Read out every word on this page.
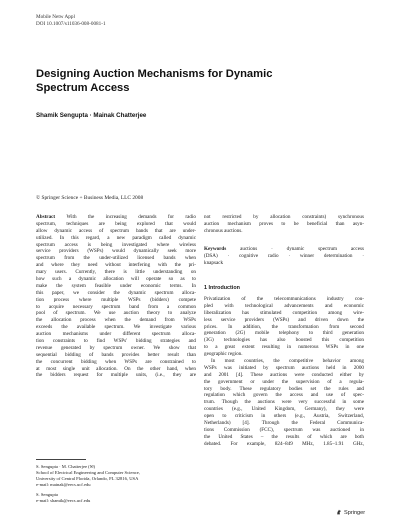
Mobile Netw Appl
DOI 10.1007/s11036-008-0081-1
Designing Auction Mechanisms for Dynamic
Spectrum Access
Shamik Sengupta · Mainak Chatterjee
© Springer Science + Business Media, LLC 2008
Abstract With the increasing demands for radio
spectrum, techniques are being explored that would
allow dynamic access of spectrum bands that are under-
utilized. In this regard, a new paradigm called dynamic
spectrum access is being investigated where wireless
service providers (WSPs) would dynamically seek more
spectrum from the under-utilized licensed bands when
and where they need without interfering with the pri-
mary users. Currently, there is little understanding on
how such a dynamic allocation will operate so as to
make the system feasible under economic terms. In
this paper, we consider the dynamic spectrum alloca-
tion process where multiple WSPs (bidders) compete
to acquire necessary spectrum band from a common
pool of spectrum. We use auction theory to analyze
the allocation process when the demand from WSPs
exceeds the available spectrum. We investigate various
auction mechanisms under different spectrum alloca-
tion constraints to find WSPs' bidding strategies and
revenue generated by spectrum owner. We show that
sequential bidding of bands provides better result than
the concurrent bidding when WSPs are constrained to
at most single unit allocation. On the other hand, when
the bidders request for multiple units, (i.e., they are
not restricted by allocation constraints) synchronous
auction mechanism proves to be beneficial than asyn-
chronous auctions.
Keywords auctions · dynamic spectrum access
(DSA) · cognitive radio · winner determination ·
knapsack
1 Introduction
Privatization of the telecommunications industry cou-
pled with technological advancements and economic
liberalization has stimulated competition among wire-
less service providers (WSPs) and driven down the
prices. In addition, the transformation from second
generation (2G) mobile telephony to third generation
(3G) technologies has also boosted this competition
to a great extent resulting in numerous WSPs in one
geographic region.
In most countries, the competitive behavior among
WSPs was initiated by spectrum auctions held in 2000
and 2001 [4]. These auctions were conducted either by
the government or under the supervision of a regula-
tory body. These regulatory bodies set the rules and
regulation which govern the access and use of spec-
trum. Though the auctions were very successful in some
countries (e.g., United Kingdom, Germany), they were
open to criticism in others (e.g., Austria, Switzerland,
Netherlands) [4]. Through the Federal Communica-
tions Commission (FCC), spectrum was auctioned in
the United States – the results of which are both
debated. For example, 824–849 MHz, 1.85–1.91 GHz,
S. Sengupta · M. Chatterjee (✉)
School of Electrical Engineering and Computer Science,
University of Central Florida, Orlando, FL 32816, USA
e-mail: mainak@eecs.ucf.edu
S. Sengupta
e-mail: shamik@eecs.ucf.edu
Springer
